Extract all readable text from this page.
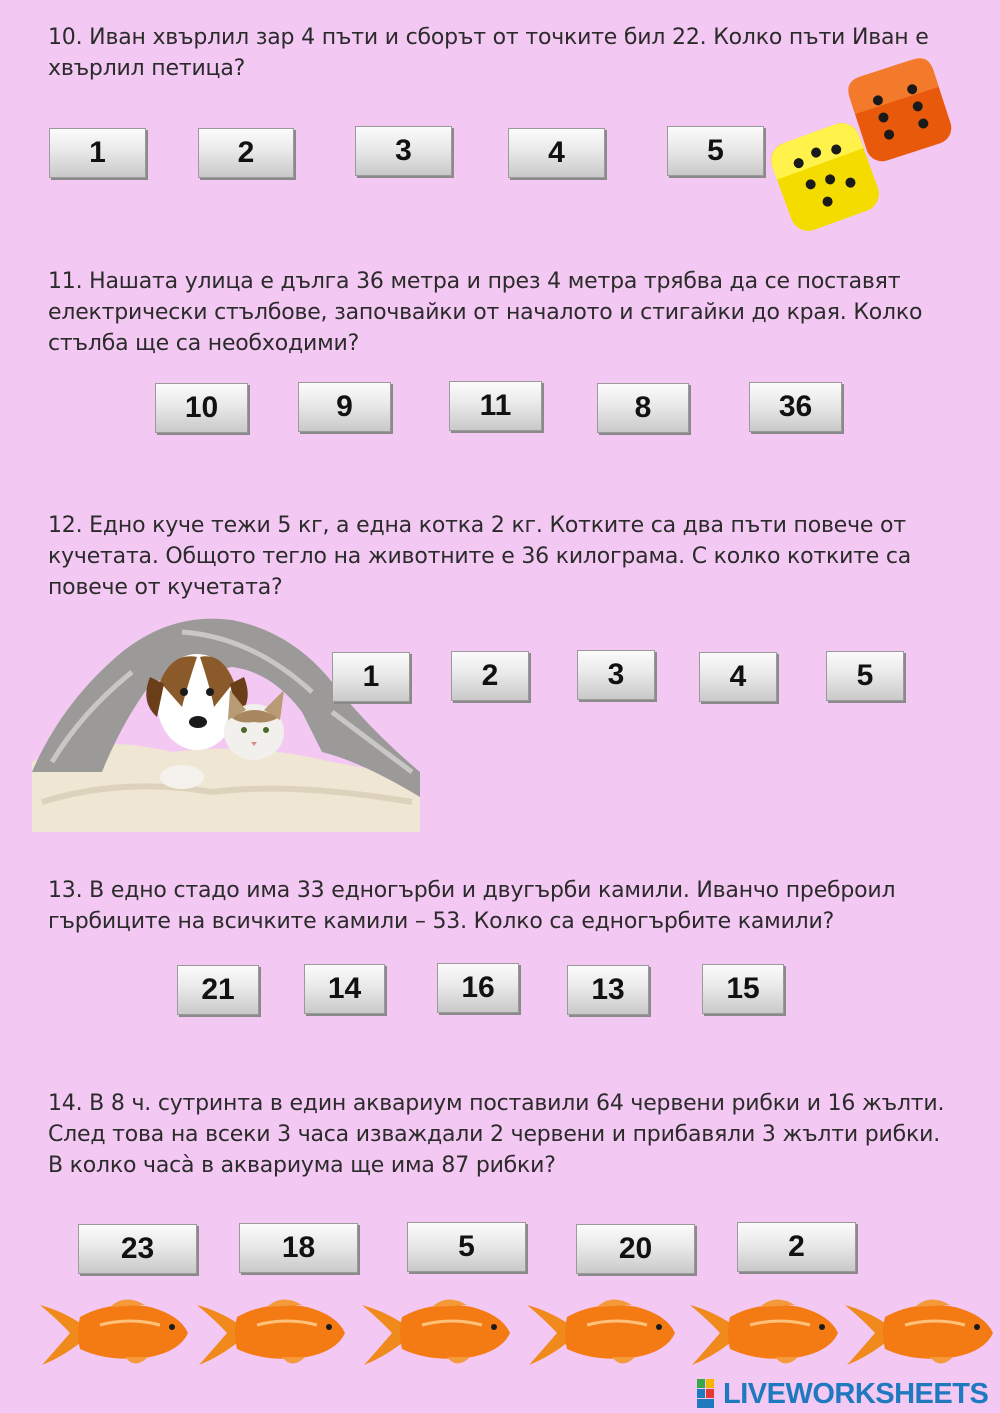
10. Иван хвърлил зар 4 пъти и сборът от точките бил 22. Колко пъти Иван е хвърлил петица?
1	2	3	4	5
11. Нашата улица е дълга 36 метра и през 4 метра трябва да се поставят електрически стълбове, започвайки от началото и стигайки до края. Колко стълба ще са необходими?
10	9	11	8	36
12. Едно куче тежи 5 кг, а една котка 2 кг. Котките са два пъти повече от кучетата. Общото тегло на животните е 36 килограма. С колко котките са повече от кучетата?
1	2	3	4	5
13. В едно стадо има 33 едногърби и двугърби камили. Иванчо преброил гърбиците на всичките камили – 53. Колко са едногърбите камили?
21	14	16	13	15
14. В 8 ч. сутринта в един аквариум поставили 64 червени рибки и 16 жълти. След това на всеки 3 часа изваждали 2 червени и прибавяли 3 жълти рибки. В колко часа̀ в аквариума ще има 87 рибки?
23	18	5	20	2
LIVEWORKSHEETS
